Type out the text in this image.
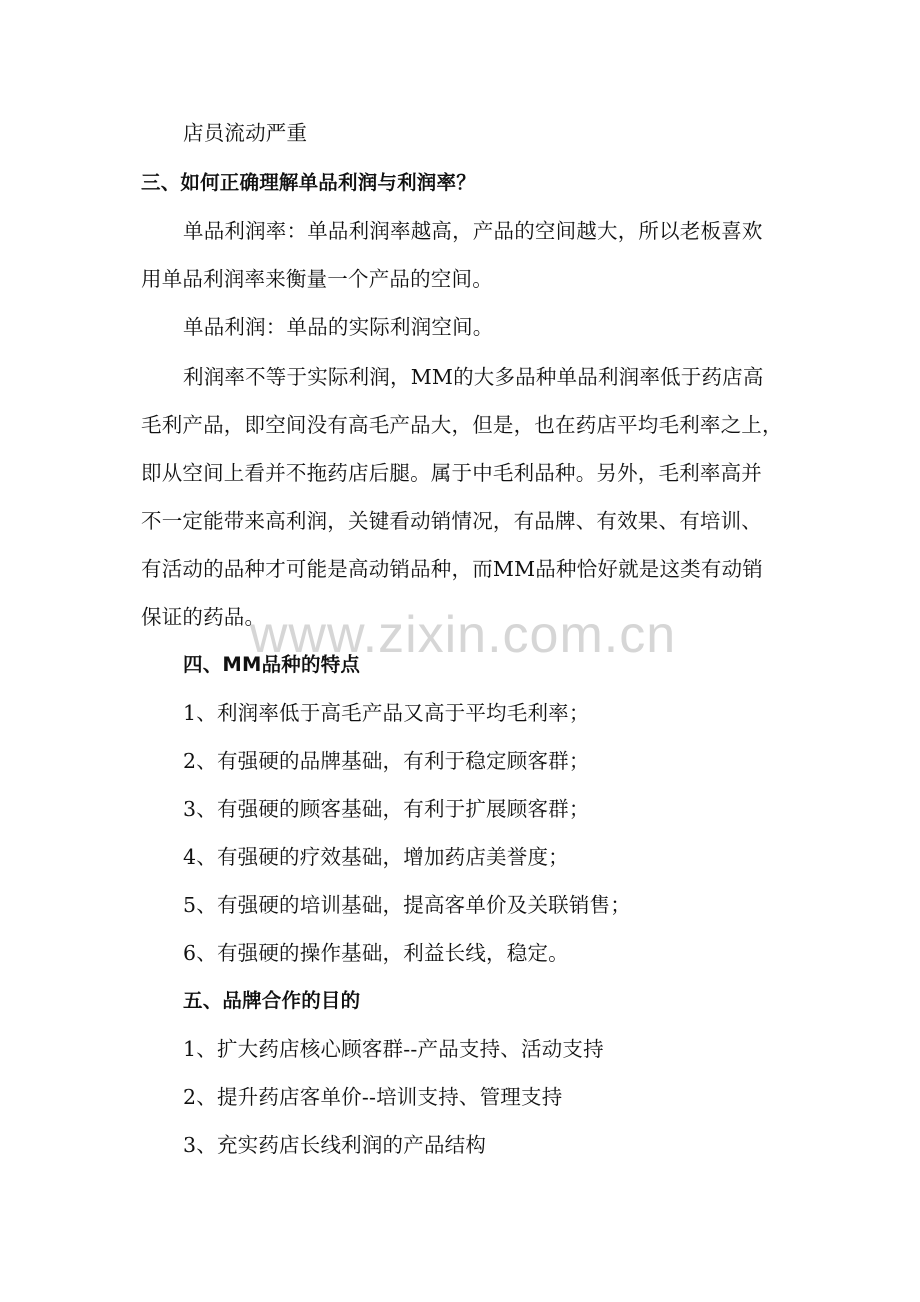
www.zixin.com.cn
店员流动严重
三、如何正确理解单品利润与利润率？
单品利润率：单品利润率越高，产品的空间越大，所以老板喜欢
用单品利润率来衡量一个产品的空间。
单品利润：单品的实际利润空间。
利润率不等于实际利润，MM的大多品种单品利润率低于药店高
毛利产品，即空间没有高毛产品大，但是，也在药店平均毛利率之上，
即从空间上看并不拖药店后腿。属于中毛利品种。另外，毛利率高并
不一定能带来高利润，关键看动销情况，有品牌、有效果、有培训、
有活动的品种才可能是高动销品种，而MM品种恰好就是这类有动销
保证的药品。
四、MM品种的特点
1、利润率低于高毛产品又高于平均毛利率；
2、有强硬的品牌基础，有利于稳定顾客群；
3、有强硬的顾客基础，有利于扩展顾客群；
4、有强硬的疗效基础，增加药店美誉度；
5、有强硬的培训基础，提高客单价及关联销售；
6、有强硬的操作基础，利益长线，稳定。
五、品牌合作的目的
1、扩大药店核心顾客群--产品支持、活动支持
2、提升药店客单价--培训支持、管理支持
3、充实药店长线利润的产品结构
